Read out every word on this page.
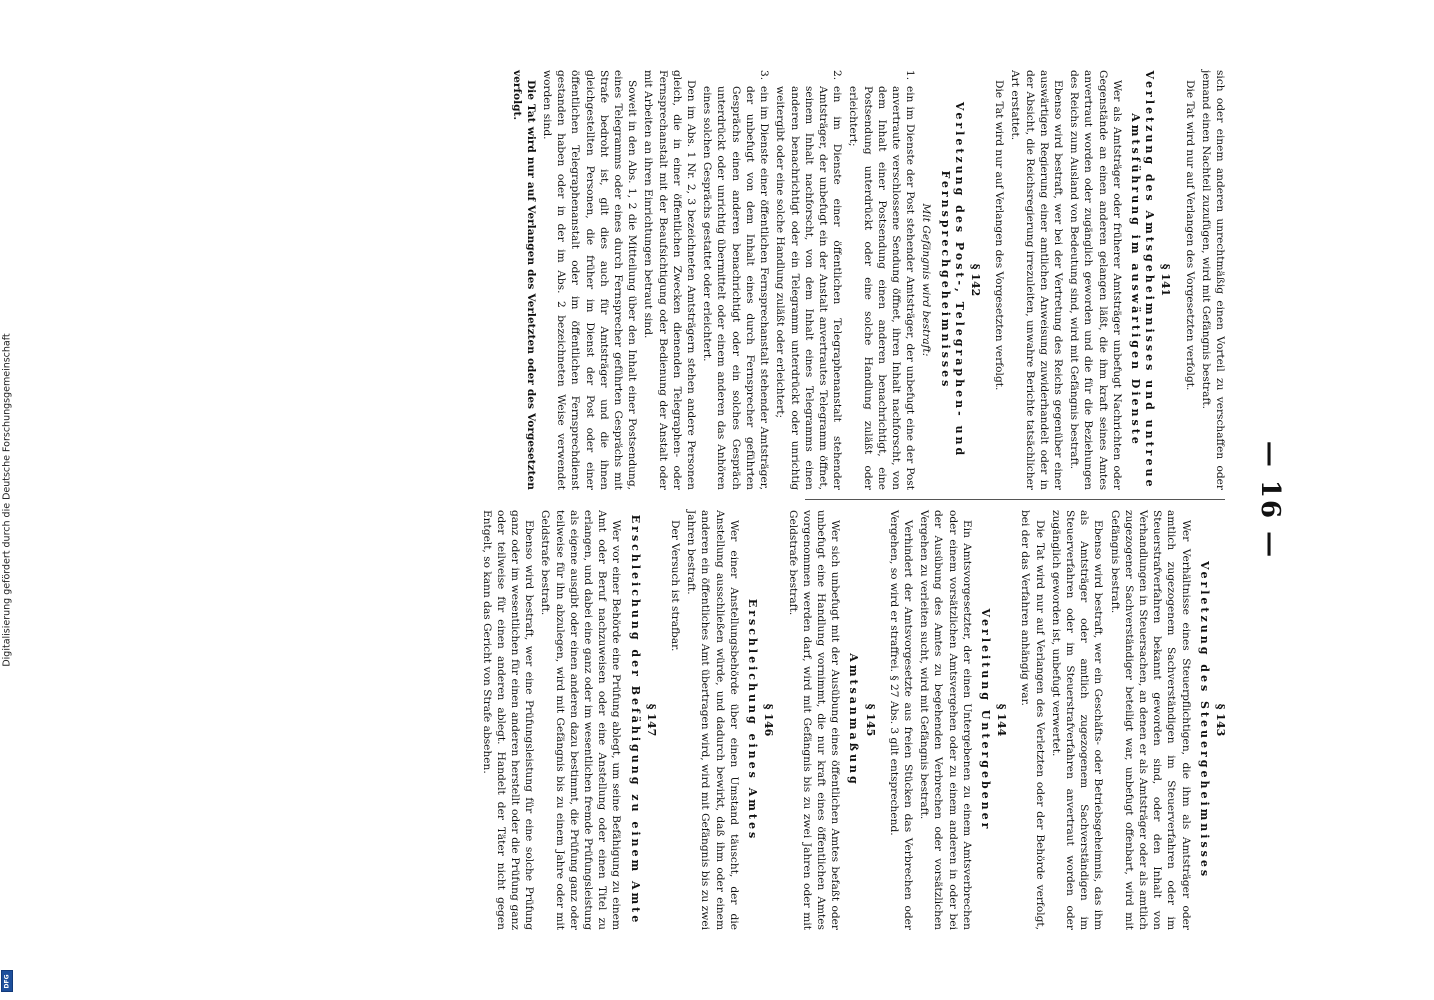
— 16 —

sich oder einem anderen unrechtmäßig einen Vorteil zu verschaffen oder jemand einen Nachteil zuzufügen, wird mit Gefängnis bestraft.

Die Tat wird nur auf Verlangen des Vorgesetzten verfolgt.

§ 141
Verletzung des Amtsgeheimnisses und untreue Amtsführung im auswärtigen Dienste

Wer als Amtsträger oder früherer Amtsträger unbefugt Nachrichten oder Gegenstände an einen anderen gelangen läßt, die ihm kraft seines Amtes anvertraut worden oder zugänglich geworden und die für die Beziehungen des Reichs zum Ausland von Bedeutung sind, wird mit Gefängnis bestraft.

Ebenso wird bestraft, wer bei der Vertretung des Reichs gegenüber einer auswärtigen Regierung einer amtlichen Anweisung zuwiderhandelt oder in der Absicht, die Reichsregierung irrezuleiten, unwahre Berichte tatsächlicher Art erstattet.

Die Tat wird nur auf Verlangen des Vorgesetzten verfolgt.

§ 142
Verletzung des Post-, Telegraphen- und Fernsprechgeheimnisses
Mit Gefängnis wird bestraft:
1.
ein im Dienste der Post stehender Amtsträger, der unbefugt eine der Post anvertraute verschlossene Sendung öffnet, ihren Inhalt nachforscht, von dem Inhalt einer Postsendung einen anderen benachrichtigt, eine Postsendung unterdrückt oder eine solche Handlung zuläßt oder erleichtert;
2.
ein im Dienste einer öffentlichen Telegraphenanstalt stehender Amtsträger, der unbefugt ein der Anstalt anvertrautes Telegramm öffnet, seinem Inhalt nachforscht, von dem Inhalt eines Telegramms einen anderen benachrichtigt oder ein Telegramm unterdrückt oder unrichtig weitergibt oder eine solche Handlung zuläßt oder erleichtert;
3.
ein im Dienste einer öffentlichen Fernsprechanstalt stehender Amtsträger, der unbefugt von dem Inhalt eines durch Fernsprecher geführten Gesprächs einen anderen benachrichtigt oder ein solches Gespräch unterdrückt oder unrichtig übermittelt oder einem anderen das Anhören eines solchen Gesprächs gestattet oder erleichtert.

Den im Abs. 1 Nr. 2, 3 bezeichneten Amtsträgern stehen andere Personen gleich, die in einer öffentlichen Zwecken dienenden Telegraphen- oder Fernsprechanstalt mit der Beaufsichtigung oder Bedienung der Anstalt oder mit Arbeiten an ihren Einrichtungen betraut sind.

Soweit in den Abs. 1, 2 die Mitteilung über den Inhalt einer Postsendung, eines Telegramms oder eines durch Fernsprecher geführten Gesprächs mit Strafe bedroht ist, gilt dies auch für Amtsträger und die ihnen gleichgestellten Personen, die früher im Dienst der Post oder einer öffentlichen Telegraphenanstalt oder im öffentlichen Fernsprechdienst gestanden haben oder in der im Abs. 2 bezeichneten Weise verwendet worden sind.

Die Tat wird nur auf Verlangen des Verletzten oder des Vorgesetzten verfolgt.

§ 143
Verletzung des Steuergeheimnisses

Wer Verhältnisse eines Steuerpflichtigen, die ihm als Amtsträger oder amtlich zugezogenem Sachverständigen im Steuerverfahren oder im Steuerstrafverfahren bekannt geworden sind, oder den Inhalt von Verhandlungen in Steuersachen, an denen er als Amtsträger oder als amtlich zugezogener Sachverständiger beteiligt war, unbefugt offenbart, wird mit Gefängnis bestraft.

Ebenso wird bestraft, wer ein Geschäfts- oder Betriebsgeheimnis, das ihm als Amtsträger oder amtlich zugezogenem Sachverständigen im Steuerverfahren oder im Steuerstrafverfahren anvertraut worden oder zugänglich geworden ist, unbefugt verwertet.

Die Tat wird nur auf Verlangen des Verletzten oder der Behörde verfolgt, bei der das Verfahren anhängig war.

§ 144
Verleitung Untergebener

Ein Amtsvorgesetzter, der einen Untergebenen zu einem Amtsverbrechen oder einem vorsätzlichen Amtsvergehen oder zu einem anderen in oder bei der Ausübung des Amtes zu begehenden Verbrechen oder vorsätzlichen Vergehen zu verleiten sucht, wird mit Gefängnis bestraft.

Verhindert der Amtsvorgesetzte aus freien Stücken das Verbrechen oder Vergehen, so wird er straffrei. § 27 Abs. 3 gilt entsprechend.

§ 145
Amtsanmaßung

Wer sich unbefugt mit der Ausübung eines öffentlichen Amtes befaßt oder unbefugt eine Handlung vornimmt, die nur kraft eines öffentlichen Amtes vorgenommen werden darf, wird mit Gefängnis bis zu zwei Jahren oder mit Geldstrafe bestraft.

§ 146
Erschleichung eines Amtes

Wer einer Anstellungsbehörde über einen Umstand täuscht, der die Anstellung ausschließen würde, und dadurch bewirkt, daß ihm oder einem anderen ein öffentliches Amt übertragen wird, wird mit Gefängnis bis zu zwei Jahren bestraft.

Der Versuch ist strafbar.

§ 147
Erschleichung der Befähigung zu einem Amte

Wer vor einer Behörde eine Prüfung ablegt, um seine Befähigung zu einem Amt oder Beruf nachzuweisen oder eine Anstellung oder einen Titel zu erlangen, und dabei eine ganz oder im wesentlichen fremde Prüfungsleistung als eigene ausgibt oder einen anderen dazu bestimmt, die Prüfung ganz oder teilweise für ihn abzulegen, wird mit Gefängnis bis zu einem Jahre oder mit Geldstrafe bestraft.

Ebenso wird bestraft, wer eine Prüfungsleistung für eine solche Prüfung ganz oder im wesentlichen für einen anderen herstellt oder die Prüfung ganz oder teilweise für einen anderen ablegt. Handelt der Täter nicht gegen Entgelt, so kann das Gericht von Strafe absehen.

Digitalisierung gefördert durch die Deutsche Forschungsgemeinschaft
DFG
